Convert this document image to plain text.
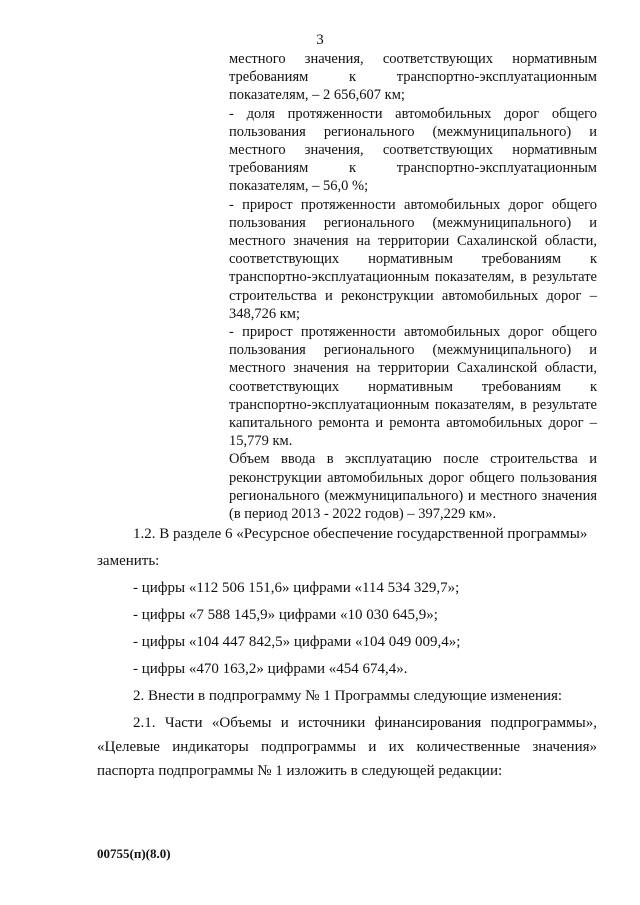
3

местного значения, соответствующих нормативным требованиям к транспортно-эксплуатационным показателям, – 2 656,607 км;

- доля протяженности автомобильных дорог общего пользования регионального (межмуниципального) и местного значения, соответствующих нормативным требованиям к транспортно-эксплуатационным показателям, – 56,0 %;

- прирост протяженности автомобильных дорог общего пользования регионального (межмуниципального) и местного значения на территории Сахалинской области, соответствующих нормативным требованиям к транспортно-эксплуатационным показателям, в результате строительства и реконструкции автомобильных дорог – 348,726 км;

- прирост протяженности автомобильных дорог общего пользования регионального (межмуниципального) и местного значения на территории Сахалинской области, соответствующих нормативным требованиям к транспортно-эксплуатационным показателям, в результате капитального ремонта и ремонта автомобильных дорог – 15,779 км.

Объем ввода в эксплуатацию после строительства и реконструкции автомобильных дорог общего пользования регионального (межмуниципального) и местного значения (в период 2013 - 2022 годов) – 397,229 км».

1.2. В разделе 6 «Ресурсное обеспечение государственной программы»

заменить:

- цифры «112 506 151,6» цифрами «114 534 329,7»;

- цифры «7 588 145,9» цифрами «10 030 645,9»;

- цифры «104 447 842,5» цифрами «104 049 009,4»;

- цифры «470 163,2» цифрами «454 674,4».

2. Внести в подпрограмму № 1 Программы следующие изменения:

2.1. Части «Объемы и источники финансирования подпрограммы», «Целевые индикаторы подпрограммы и их количественные значения» паспорта подпрограммы № 1 изложить в следующей редакции:

00755(п)(8.0)
